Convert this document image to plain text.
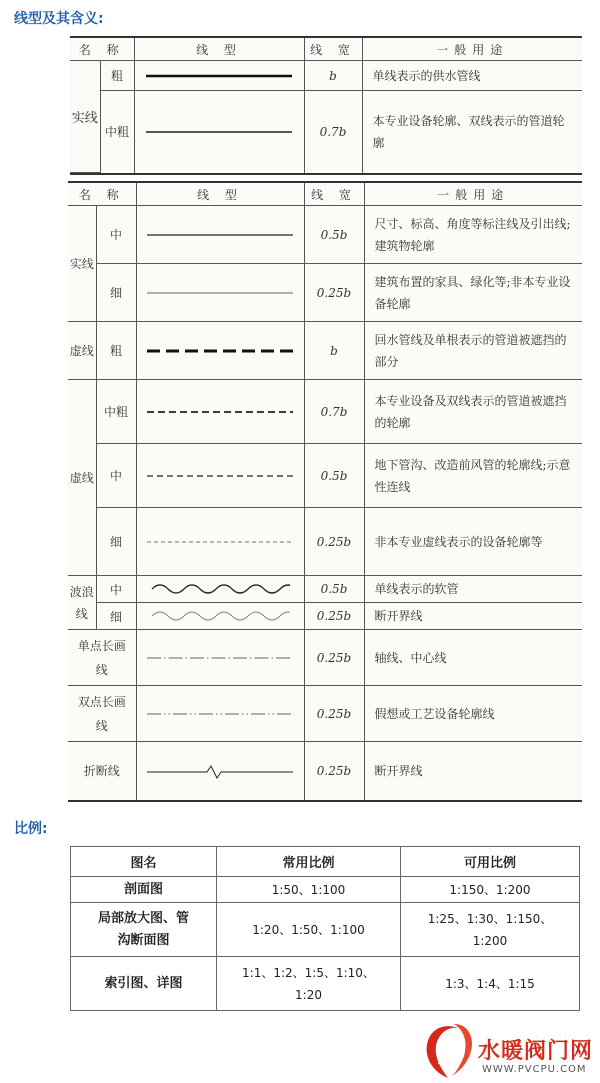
线型及其含义:
名 称		线 型	线 宽	一般用途
实线	粗		b	单线表示的供水管线
	中粗		0.7b	本专业设备轮廓、双线表示的管道轮廓
名 称		线 型	线 宽	一般用途
实线	中		0.5b	尺寸、标高、角度等标注线及引出线;建筑物轮廓
	细		0.25b	建筑布置的家具、绿化等;非本专业设备轮廓
虚线	粗		b	回水管线及单根表示的管道被遮挡的部分
虚线	中粗		0.7b	本专业设备及双线表示的管道被遮挡的轮廓
	中		0.5b	地下管沟、改造前风管的轮廓线;示意性连线
	细		0.25b	非本专业虚线表示的设备轮廓等
波浪线	中		0.5b	单线表示的软管
	细		0.25b	断开界线
单点长画线			0.25b	轴线、中心线
双点长画线			0.25b	假想或工艺设备轮廓线
折断线			0.25b	断开界线
比例:
图名	常用比例	可用比例
剖面图	1:50、1:100	1:150、1:200
局部放大图、管沟断面图	1:20、1:50、1:100	1:25、1:30、1:150、1:200
索引图、详图	1:1、1:2、1:5、1:10、1:20	1:3、1:4、1:15
P 水暖阀门网
WWW.PVCPU.COM
